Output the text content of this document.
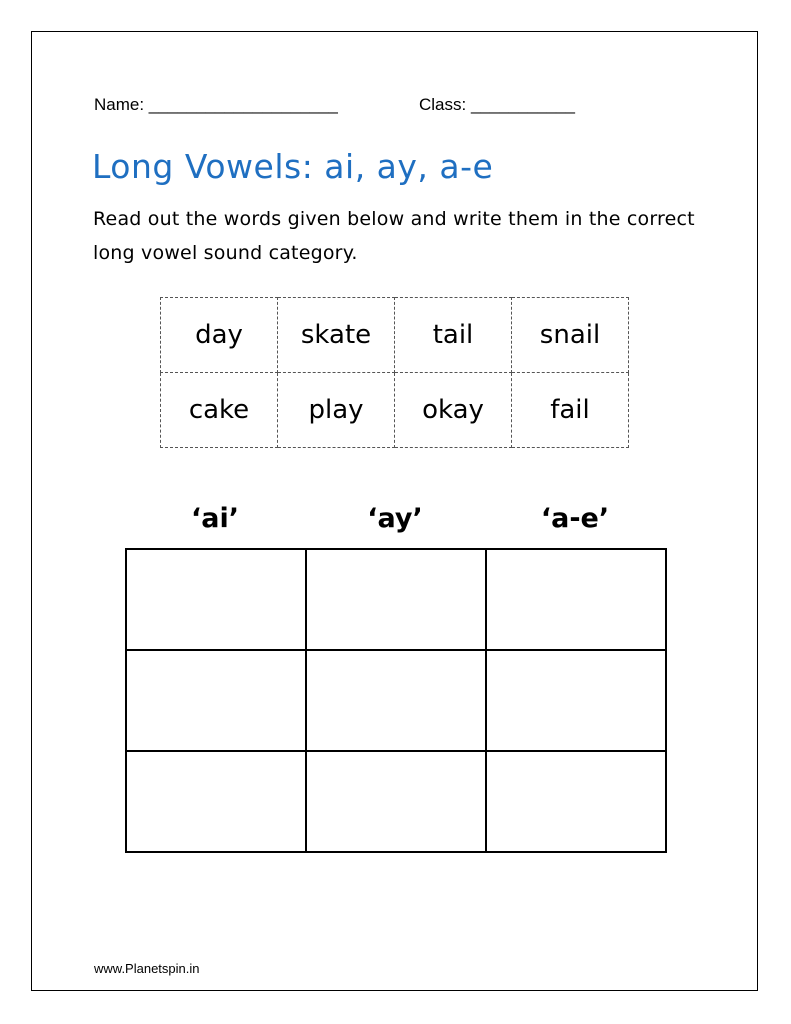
Name: ____________________	Class: ___________
Long Vowels: ai, ay, a-e

Read out the words given below and write them in the correct long vowel sound category.

day	skate	tail	snail
cake	play	okay	fail
‘ai’	‘ay’	‘a-e’

www.Planetspin.in
